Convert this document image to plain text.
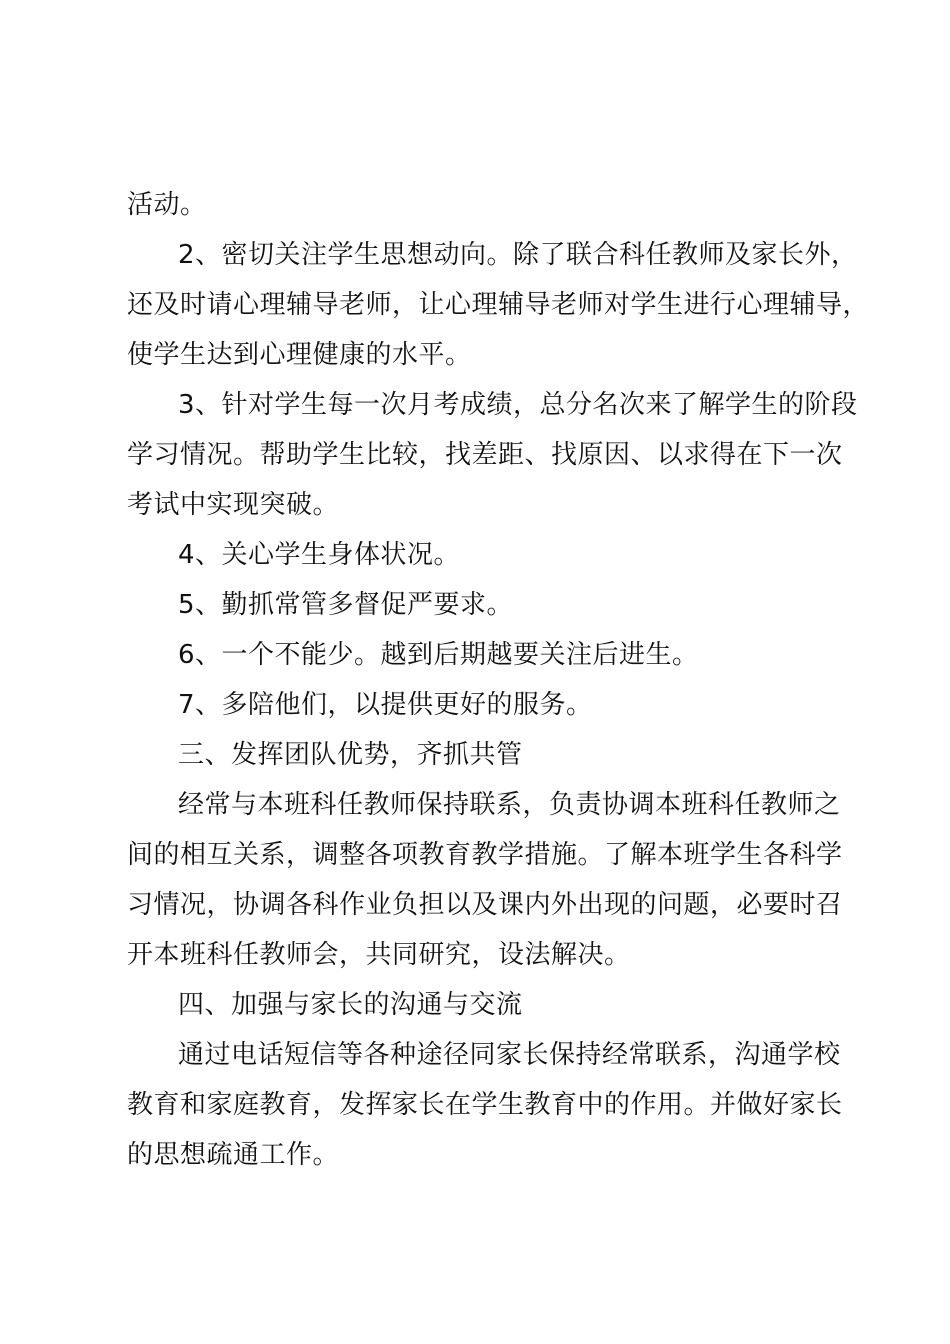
活动。
2、密切关注学生思想动向。除了联合科任教师及家长外，
还及时请心理辅导老师，让心理辅导老师对学生进行心理辅导，
使学生达到心理健康的水平。
3、针对学生每一次月考成绩，总分名次来了解学生的阶段
学习情况。帮助学生比较，找差距、找原因、以求得在下一次
考试中实现突破。
4、关心学生身体状况。
5、勤抓常管多督促严要求。
6、一个不能少。越到后期越要关注后进生。
7、多陪他们，以提供更好的服务。
三、发挥团队优势，齐抓共管
经常与本班科任教师保持联系，负责协调本班科任教师之
间的相互关系，调整各项教育教学措施。了解本班学生各科学
习情况，协调各科作业负担以及课内外出现的问题，必要时召
开本班科任教师会，共同研究，设法解决。
四、加强与家长的沟通与交流
通过电话短信等各种途径同家长保持经常联系，沟通学校
教育和家庭教育，发挥家长在学生教育中的作用。并做好家长
的思想疏通工作。
